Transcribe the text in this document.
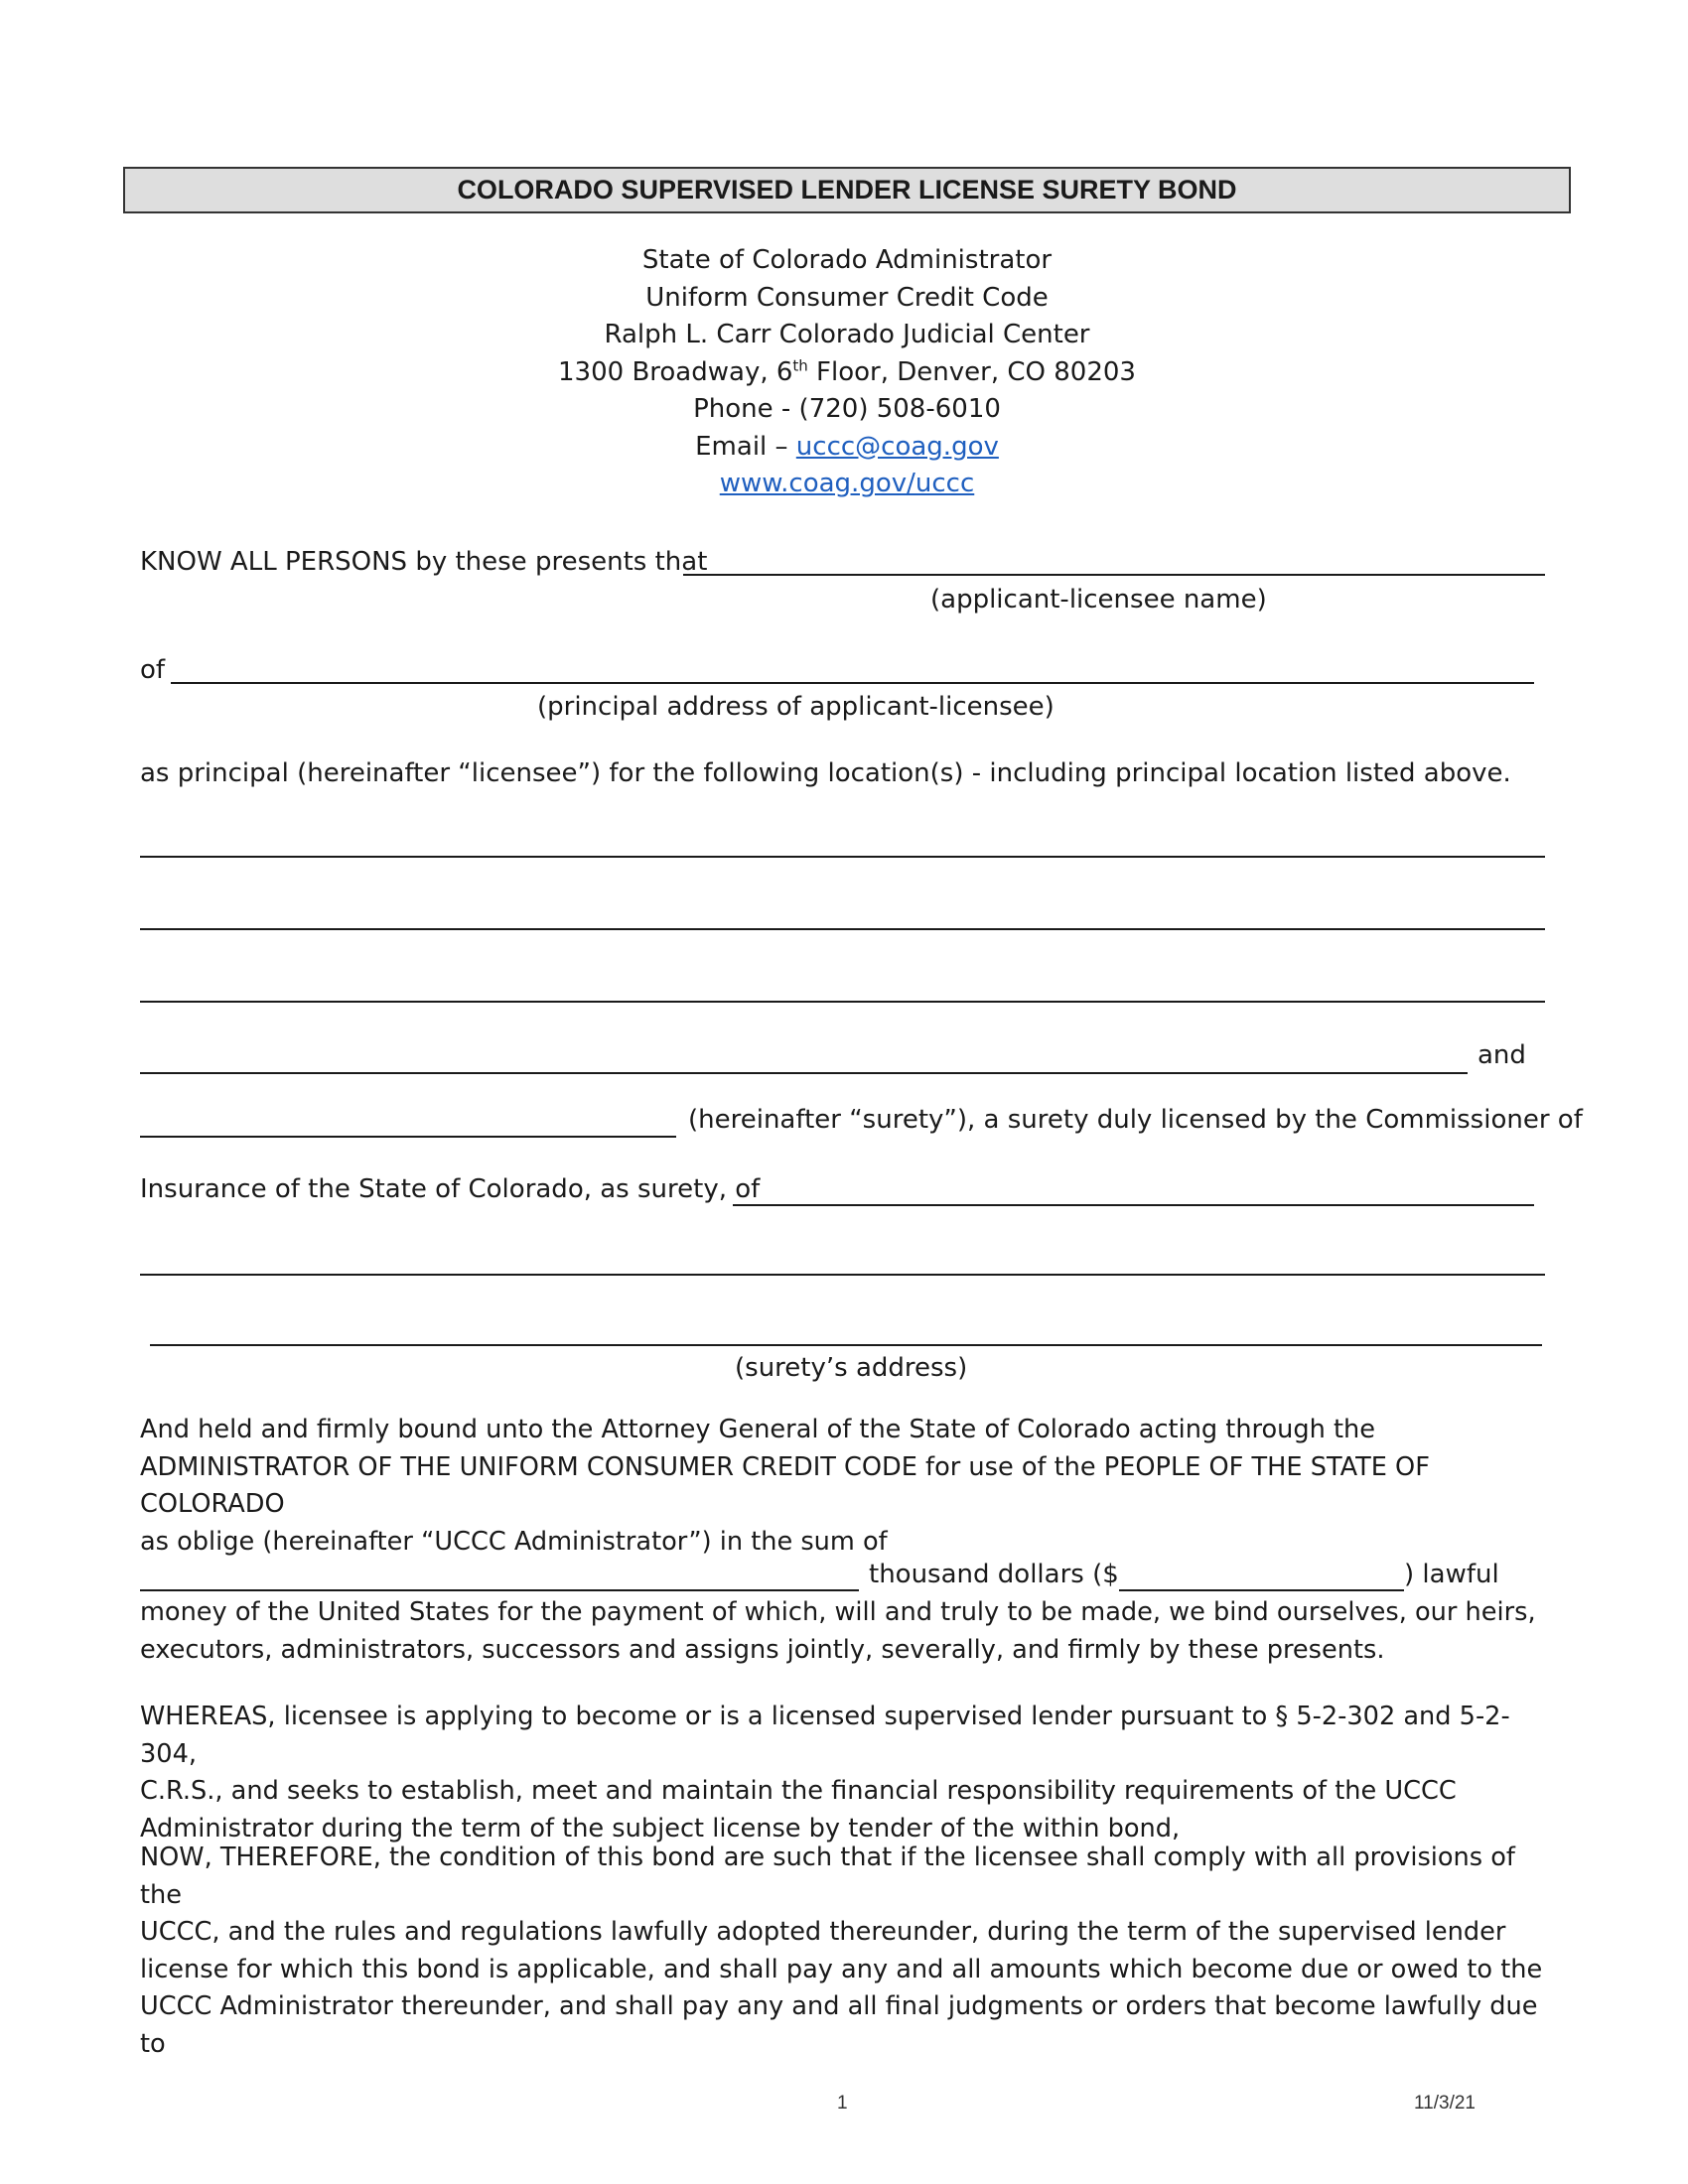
COLORADO SUPERVISED LENDER LICENSE SURETY BOND
State of Colorado Administrator
Uniform Consumer Credit Code
Ralph L. Carr Colorado Judicial Center
1300 Broadway, 6th Floor, Denver, CO 80203
Phone - (720) 508-6010
Email – uccc@coag.gov
www.coag.gov/uccc
KNOW ALL PERSONS by these presents that
(applicant-licensee name)
of
(principal address of applicant-licensee)
as principal (hereinafter “licensee”) for the following location(s) - including principal location listed above.
and
(hereinafter “surety”), a surety duly licensed by the Commissioner of
Insurance of the State of Colorado, as surety, of
(surety’s address)

And held and firmly bound unto the Attorney General of the State of Colorado acting through the

ADMINISTRATOR OF THE UNIFORM CONSUMER CREDIT CODE for use of the PEOPLE OF THE STATE OF COLORADO

as oblige (hereinafter “UCCC Administrator”) in the sum of

thousand dollars ($	) lawful

money of the United States for the payment of which, will and truly to be made, we bind ourselves, our heirs,

executors, administrators, successors and assigns jointly, severally, and firmly by these presents.

WHEREAS, licensee is applying to become or is a licensed supervised lender pursuant to § 5-2-302 and 5-2-304,

C.R.S., and seeks to establish, meet and maintain the financial responsibility requirements of the UCCC

Administrator during the term of the subject license by tender of the within bond,

NOW, THEREFORE, the condition of this bond are such that if the licensee shall comply with all provisions of the

UCCC, and the rules and regulations lawfully adopted thereunder, during the term of the supervised lender

license for which this bond is applicable, and shall pay any and all amounts which become due or owed to the

UCCC Administrator thereunder, and shall pay any and all final judgments or orders that become lawfully due to

1	11/3/21
